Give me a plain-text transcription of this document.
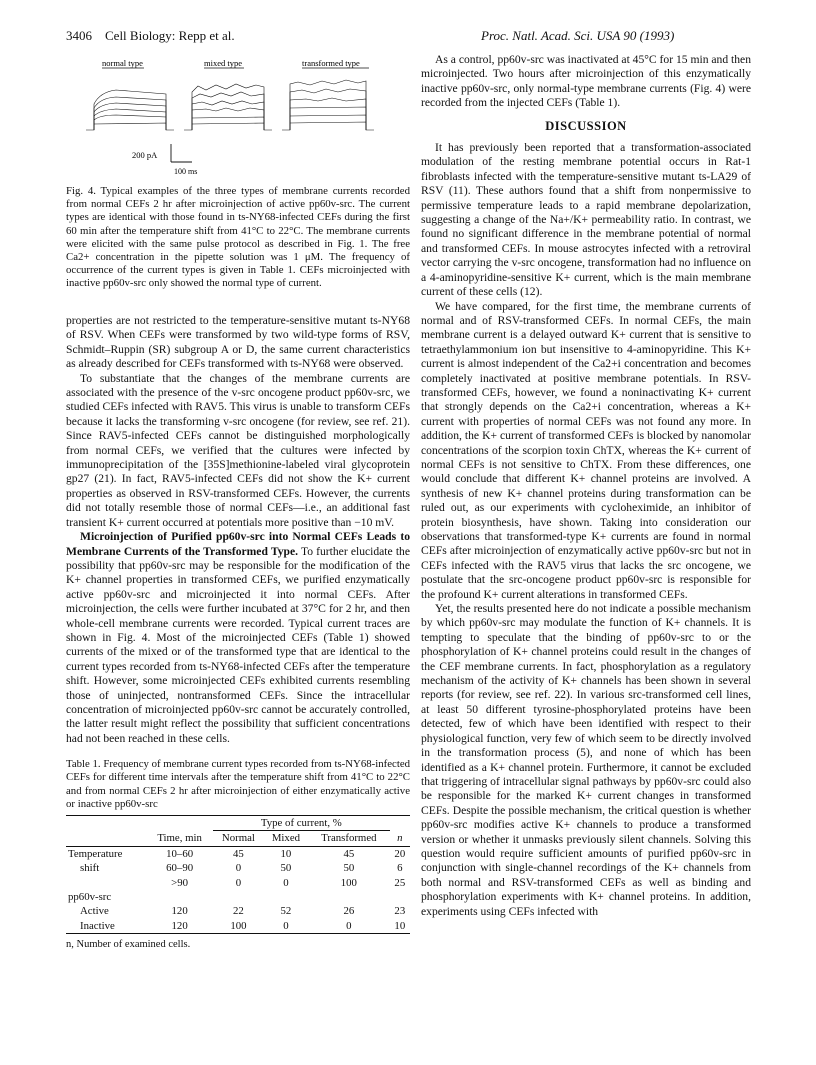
3406 Cell Biology: Repp et al.	Proc. Natl. Acad. Sci. USA 90 (1993)
normal type	mixed type	transformed type
200 pA
100 ms
Fig. 4. Typical examples of the three types of membrane currents recorded from normal CEFs 2 hr after microinjection of active pp60v-src. The current types are identical with those found in ts-NY68-infected CEFs during the first 60 min after the temperature shift from 41°C to 22°C. The membrane currents were elicited with the same pulse protocol as described in Fig. 1. The free Ca2+ concentration in the pipette solution was 1 μM. The frequency of occurrence of the current types is given in Table 1. CEFs microinjected with inactive pp60v-src only showed the normal type of current.

properties are not restricted to the temperature-sensitive mutant ts-NY68 of RSV. When CEFs were transformed by two wild-type forms of RSV, Schmidt–Ruppin (SR) subgroup A or D, the same current characteristics as already described for CEFs transformed with ts-NY68 were observed.

To substantiate that the changes of the membrane currents are associated with the presence of the v-src oncogene product pp60v-src, we studied CEFs infected with RAV5. This virus is unable to transform CEFs because it lacks the transforming v-src oncogene (for review, see ref. 21). Since RAV5-infected CEFs cannot be distinguished morphologically from normal CEFs, we verified that the cultures were infected by immunoprecipitation of the [35S]methionine-labeled viral glycoprotein gp27 (21). In fact, RAV5-infected CEFs did not show the K+ current properties as observed in RSV-transformed CEFs. However, the currents did not totally resemble those of normal CEFs—i.e., an additional fast transient K+ current occurred at potentials more positive than −10 mV.

Microinjection of Purified pp60v-src into Normal CEFs Leads to Membrane Currents of the Transformed Type. To further elucidate the possibility that pp60v-src may be responsible for the modification of the K+ channel properties in transformed CEFs, we purified enzymatically active pp60v-src and microinjected it into normal CEFs. After microinjection, the cells were further incubated at 37°C for 2 hr, and then whole-cell membrane currents were recorded. Typical current traces are shown in Fig. 4. Most of the microinjected CEFs (Table 1) showed currents of the mixed or of the transformed type that are identical to the current types recorded from ts-NY68-infected CEFs after the temperature shift. However, some microinjected CEFs exhibited currents resembling those of uninjected, nontransformed CEFs. Since the intracellular concentration of microinjected pp60v-src cannot be accurately controlled, the latter result might reflect the possibility that sufficient concentrations had not been reached in these cells.

Table 1. Frequency of membrane current types recorded from ts-NY68-infected CEFs for different time intervals after the temperature shift from 41°C to 22°C and from normal CEFs 2 hr after microinjection of either enzymatically active or inactive pp60v-src
		Type of current, %			
	Time, min	Normal	Mixed	Transformed	n
Temperature	10–60	45	10	45	20
shift	60–90	0	50	50	6
	>90	0	0	100	25
pp60v-src					
Active	120	22	52	26	23
Inactive	120	100	0	0	10
n, Number of examined cells.

As a control, pp60v-src was inactivated at 45°C for 15 min and then microinjected. Two hours after microinjection of this enzymatically inactive pp60v-src, only normal-type membrane currents (Fig. 4) were recorded from the injected CEFs (Table 1).

DISCUSSION

It has previously been reported that a transformation-associated modulation of the resting membrane potential occurs in Rat-1 fibroblasts infected with the temperature-sensitive mutant ts-LA29 of RSV (11). These authors found that a shift from nonpermissive to permissive temperature leads to a rapid membrane depolarization, suggesting a change of the Na+/K+ permeability ratio. In contrast, we found no significant difference in the membrane potential of normal and transformed CEFs. In mouse astrocytes infected with a retroviral vector carrying the v-src oncogene, transformation had no influence on a 4-aminopyridine-sensitive K+ current, which is the main membrane current of these cells (12).

We have compared, for the first time, the membrane currents of normal and of RSV-transformed CEFs. In normal CEFs, the main membrane current is a delayed outward K+ current that is sensitive to tetraethylammonium ion but insensitive to 4-aminopyridine. This K+ current is almost independent of the Ca2+i concentration and becomes completely inactivated at positive membrane potentials. In RSV-transformed CEFs, however, we found a noninactivating K+ current that strongly depends on the Ca2+i concentration, whereas a K+ current with properties of normal CEFs was not found any more. In addition, the K+ current of transformed CEFs is blocked by nanomolar concentrations of the scorpion toxin ChTX, whereas the K+ current of normal CEFs is not sensitive to ChTX. From these differences, one would conclude that different K+ channel proteins are involved. A synthesis of new K+ channel proteins during transformation can be ruled out, as our experiments with cycloheximide, an inhibitor of protein biosynthesis, have shown. Taking into consideration our observations that transformed-type K+ currents are found in normal CEFs after microinjection of enzymatically active pp60v-src but not in CEFs infected with the RAV5 virus that lacks the src oncogene, we postulate that the src-oncogene product pp60v-src is responsible for the profound K+ current alterations in transformed CEFs.

Yet, the results presented here do not indicate a possible mechanism by which pp60v-src may modulate the function of K+ channels. It is tempting to speculate that the binding of pp60v-src to or the phosphorylation of K+ channel proteins could result in the changes of the CEF membrane currents. In fact, phosphorylation as a regulatory mechanism of the activity of K+ channels has been shown in several reports (for review, see ref. 22). In various src-transformed cell lines, at least 50 different tyrosine-phosphorylated proteins have been detected, few of which have been identified with respect to their physiological function, very few of which seem to be directly involved in the transformation process (5), and none of which has been identified as a K+ channel protein. Furthermore, it cannot be excluded that triggering of intracellular signal pathways by pp60v-src could also be responsible for the marked K+ current changes in transformed CEFs. Despite the possible mechanism, the critical question is whether pp60v-src modifies active K+ channels to produce a transformed version or whether it unmasks previously silent channels. Solving this question would require sufficient amounts of purified pp60v-src in conjunction with single-channel recordings of the K+ channels from both normal and RSV-transformed CEFs as well as binding and phosphorylation experiments with K+ channel proteins. In addition, experiments using CEFs infected with
